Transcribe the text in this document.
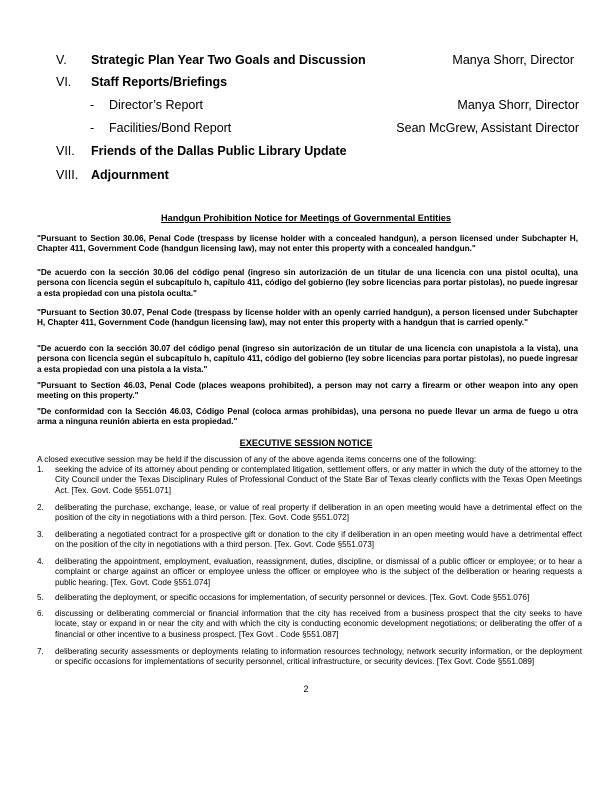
V. Strategic Plan Year Two Goals and Discussion	Manya Shorr, Director
VI. Staff Reports/Briefings
- Director’s Report	Manya Shorr, Director
- Facilities/Bond Report	Sean McGrew, Assistant Director
VII. Friends of the Dallas Public Library Update
VIII. Adjournment
Handgun Prohibition Notice for Meetings of Governmental Entities

"Pursuant to Section 30.06, Penal Code (trespass by license holder with a concealed handgun), a person licensed under Subchapter H, Chapter 411, Government Code (handgun licensing law), may not enter this property with a concealed handgun."

"De acuerdo con la sección 30.06 del código penal (ingreso sin autorización de un titular de una licencia con una pistol oculta), una persona con licencia según el subcapítulo h, capítulo 411, código del gobierno (ley sobre licencias para portar pistolas), no puede ingresar a esta propiedad con una pistola oculta."

"Pursuant to Section 30.07, Penal Code (trespass by license holder with an openly carried handgun), a person licensed under Subchapter H, Chapter 411, Government Code (handgun licensing law), may not enter this property with a handgun that is carried openly."

"De acuerdo con la sección 30.07 del código penal (ingreso sin autorización de un titular de una licencia con unapistola a la vista), una persona con licencia según el subcapítulo h, capítulo 411, código del gobierno (ley sobre licencias para portar pistolas), no puede ingresar a esta propiedad con una pistola a la vista."

"Pursuant to Section 46.03, Penal Code (places weapons prohibited), a person may not carry a firearm or other weapon into any open meeting on this property."

"De conformidad con la Sección 46.03, Código Penal (coloca armas prohibidas), una persona no puede llevar un arma de fuego u otra arma a ninguna reunión abierta en esta propiedad."

EXECUTIVE SESSION NOTICE

A closed executive session may be held if the discussion of any of the above agenda items concerns one of the following:

1. seeking the advice of its attorney about pending or contemplated litigation, settlement offers, or any matter in which the duty of the attorney to the City Council under the Texas Disciplinary Rules of Professional Conduct of the State Bar of Texas clearly conflicts with the Texas Open Meetings Act. [Tex. Govt. Code §551.071]
2. deliberating the purchase, exchange, lease, or value of real property if deliberation in an open meeting would have a detrimental effect on the position of the city in negotiations with a third person. [Tex. Govt. Code §551.072]
3. deliberating a negotiated contract for a prospective gift or donation to the city if deliberation in an open meeting would have a detrimental effect on the position of the city in negotiations with a third person. [Tex. Govt. Code §551.073]
4. deliberating the appointment, employment, evaluation, reassignment, duties, discipline, or dismissal of a public officer or employee; or to hear a complaint or charge against an officer or employee unless the officer or employee who is the subject of the deliberation or hearing requests a public hearing. [Tex. Govt. Code §551.074]
5. deliberating the deployment, or specific occasions for implementation, of security personnel or devices. [Tex. Govt. Code §551.076]
6. discussing or deliberating commercial or financial information that the city has received from a business prospect that the city seeks to have locate, stay or expand in or near the city and with which the city is conducting economic development negotiations; or deliberating the offer of a financial or other incentive to a business prospect. [Tex Govt . Code §551.087]
7. deliberating security assessments or deployments relating to information resources technology, network security information, or the deployment or specific occasions for implementations of security personnel, critical infrastructure, or security devices. [Tex Govt. Code §551.089]
2
